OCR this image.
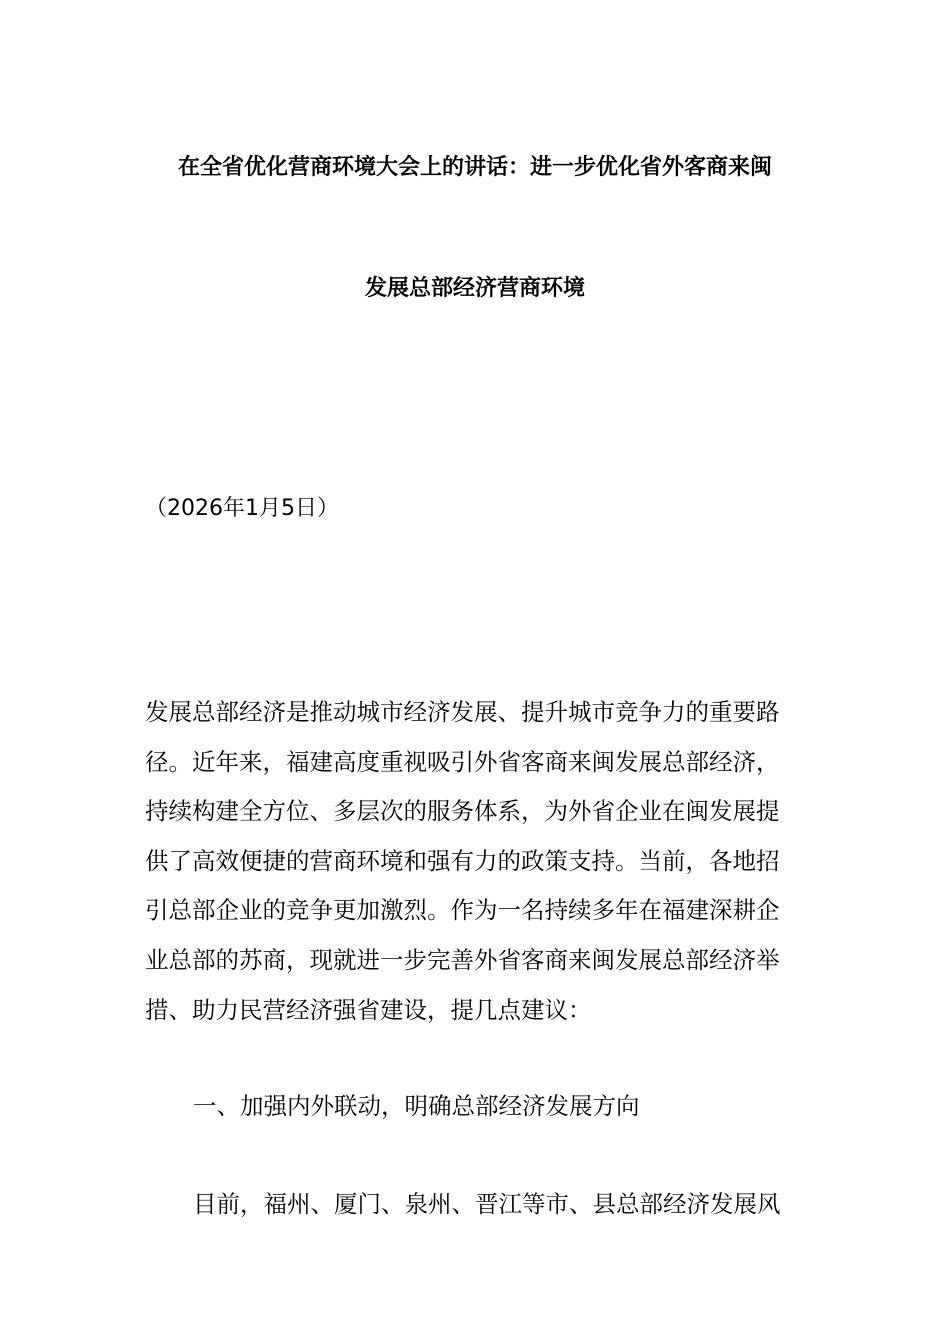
在全省优化营商环境大会上的讲话：进一步优化省外客商来闽
发展总部经济营商环境
（2026年1月5日）
发展总部经济是推动城市经济发展、提升城市竞争力的重要路
径。近年来，福建高度重视吸引外省客商来闽发展总部经济，
持续构建全方位、多层次的服务体系，为外省企业在闽发展提
供了高效便捷的营商环境和强有力的政策支持。当前，各地招
引总部企业的竞争更加激烈。作为一名持续多年在福建深耕企
业总部的苏商，现就进一步完善外省客商来闽发展总部经济举
措、助力民营经济强省建设，提几点建议：
一、加强内外联动，明确总部经济发展方向
目前，福州、厦门、泉州、晋江等市、县总部经济发展风
